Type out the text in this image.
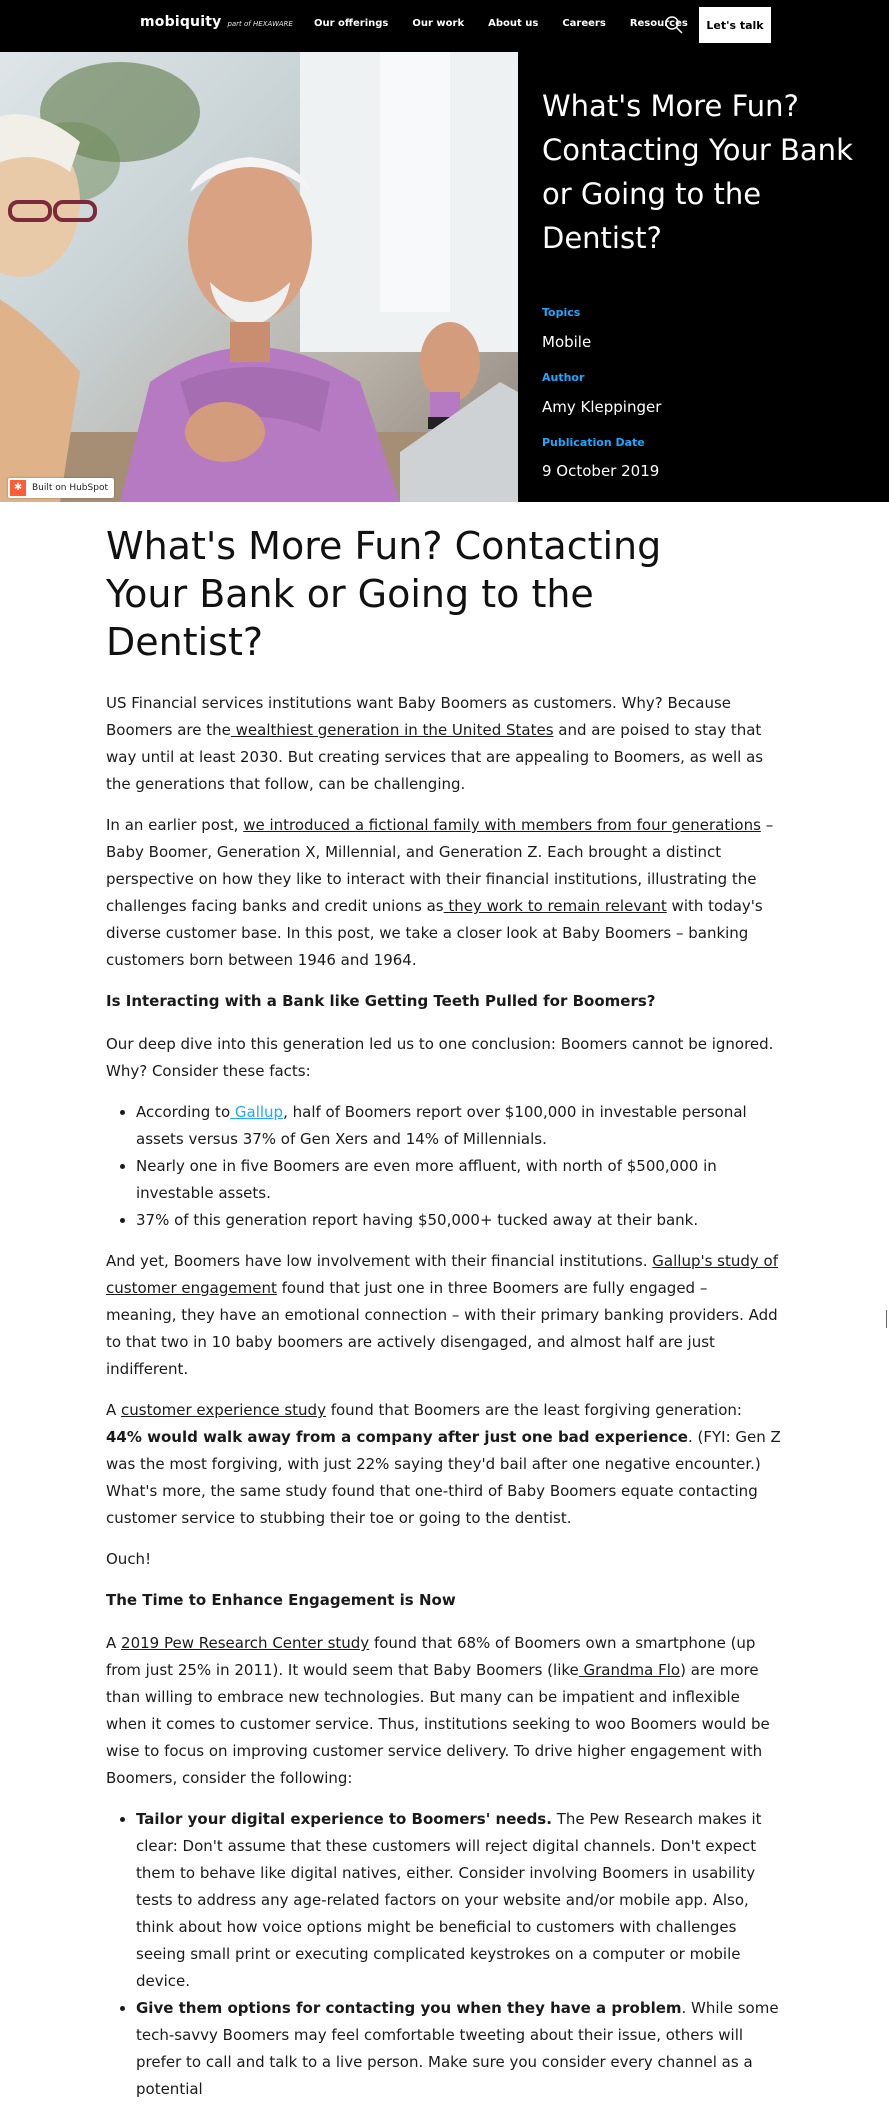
mobiquity part of HEXAWARE Our offerings Our work About us Careers Resources	Let's talk
✱	Built on HubSpot
What's More Fun? Contacting Your Bank or Going to the Dentist?
Topics
Mobile
Author
Amy Kleppinger
Publication Date
9 October 2019
What's More Fun? Contacting Your Bank or Going to the Dentist?

US Financial services institutions want Baby Boomers as customers. Why? Because Boomers are the wealthiest generation in the United States and are poised to stay that way until at least 2030. But creating services that are appealing to Boomers, as well as the generations that follow, can be challenging.

In an earlier post, we introduced a fictional family with members from four generations – Baby Boomer, Generation X, Millennial, and Generation Z. Each brought a distinct perspective on how they like to interact with their financial institutions, illustrating the challenges facing banks and credit unions as they work to remain relevant with today's diverse customer base. In this post, we take a closer look at Baby Boomers – banking customers born between 1946 and 1964.

Is Interacting with a Bank like Getting Teeth Pulled for Boomers?

Our deep dive into this generation led us to one conclusion: Boomers cannot be ignored. Why? Consider these facts:

• According to Gallup, half of Boomers report over $100,000 in investable personal assets versus 37% of Gen Xers and 14% of Millennials.
• Nearly one in five Boomers are even more affluent, with north of $500,000 in investable assets.
• 37% of this generation report having $50,000+ tucked away at their bank.

And yet, Boomers have low involvement with their financial institutions. Gallup's study of customer engagement found that just one in three Boomers are fully engaged – meaning, they have an emotional connection – with their primary banking providers. Add to that two in 10 baby boomers are actively disengaged, and almost half are just indifferent.

A customer experience study found that Boomers are the least forgiving generation: 44% would walk away from a company after just one bad experience. (FYI: Gen Z was the most forgiving, with just 22% saying they'd bail after one negative encounter.) What's more, the same study found that one-third of Baby Boomers equate contacting customer service to stubbing their toe or going to the dentist.

Ouch!

The Time to Enhance Engagement is Now

A 2019 Pew Research Center study found that 68% of Boomers own a smartphone (up from just 25% in 2011). It would seem that Baby Boomers (like Grandma Flo) are more than willing to embrace new technologies. But many can be impatient and inflexible when it comes to customer service. Thus, institutions seeking to woo Boomers would be wise to focus on improving customer service delivery. To drive higher engagement with Boomers, consider the following:

• Tailor your digital experience to Boomers' needs. The Pew Research makes it clear: Don't assume that these customers will reject digital channels. Don't expect them to behave like digital natives, either. Consider involving Boomers in usability tests to address any age-related factors on your website and/or mobile app. Also, think about how voice options might be beneficial to customers with challenges seeing small print or executing complicated keystrokes on a computer or mobile device.
• Give them options for contacting you when they have a problem. While some tech-savvy Boomers may feel comfortable tweeting about their issue, others will prefer to call and talk to a live person. Make sure you consider every channel as a potential
